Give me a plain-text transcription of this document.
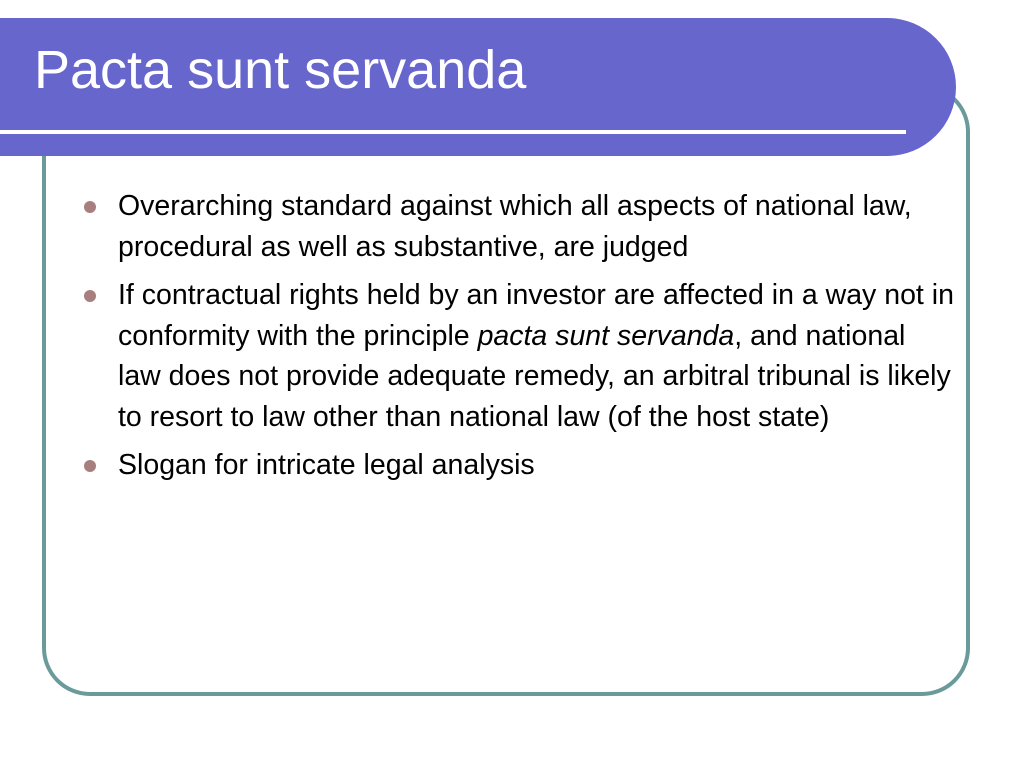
Pacta sunt servanda
Overarching standard against which all aspects of national law, procedural as well as substantive, are judged
If contractual rights held by an investor are affected in a way not in conformity with the principle pacta sunt servanda, and national law does not provide adequate remedy, an arbitral tribunal is likely to resort to law other than national law (of the host state)
Slogan for intricate legal analysis
